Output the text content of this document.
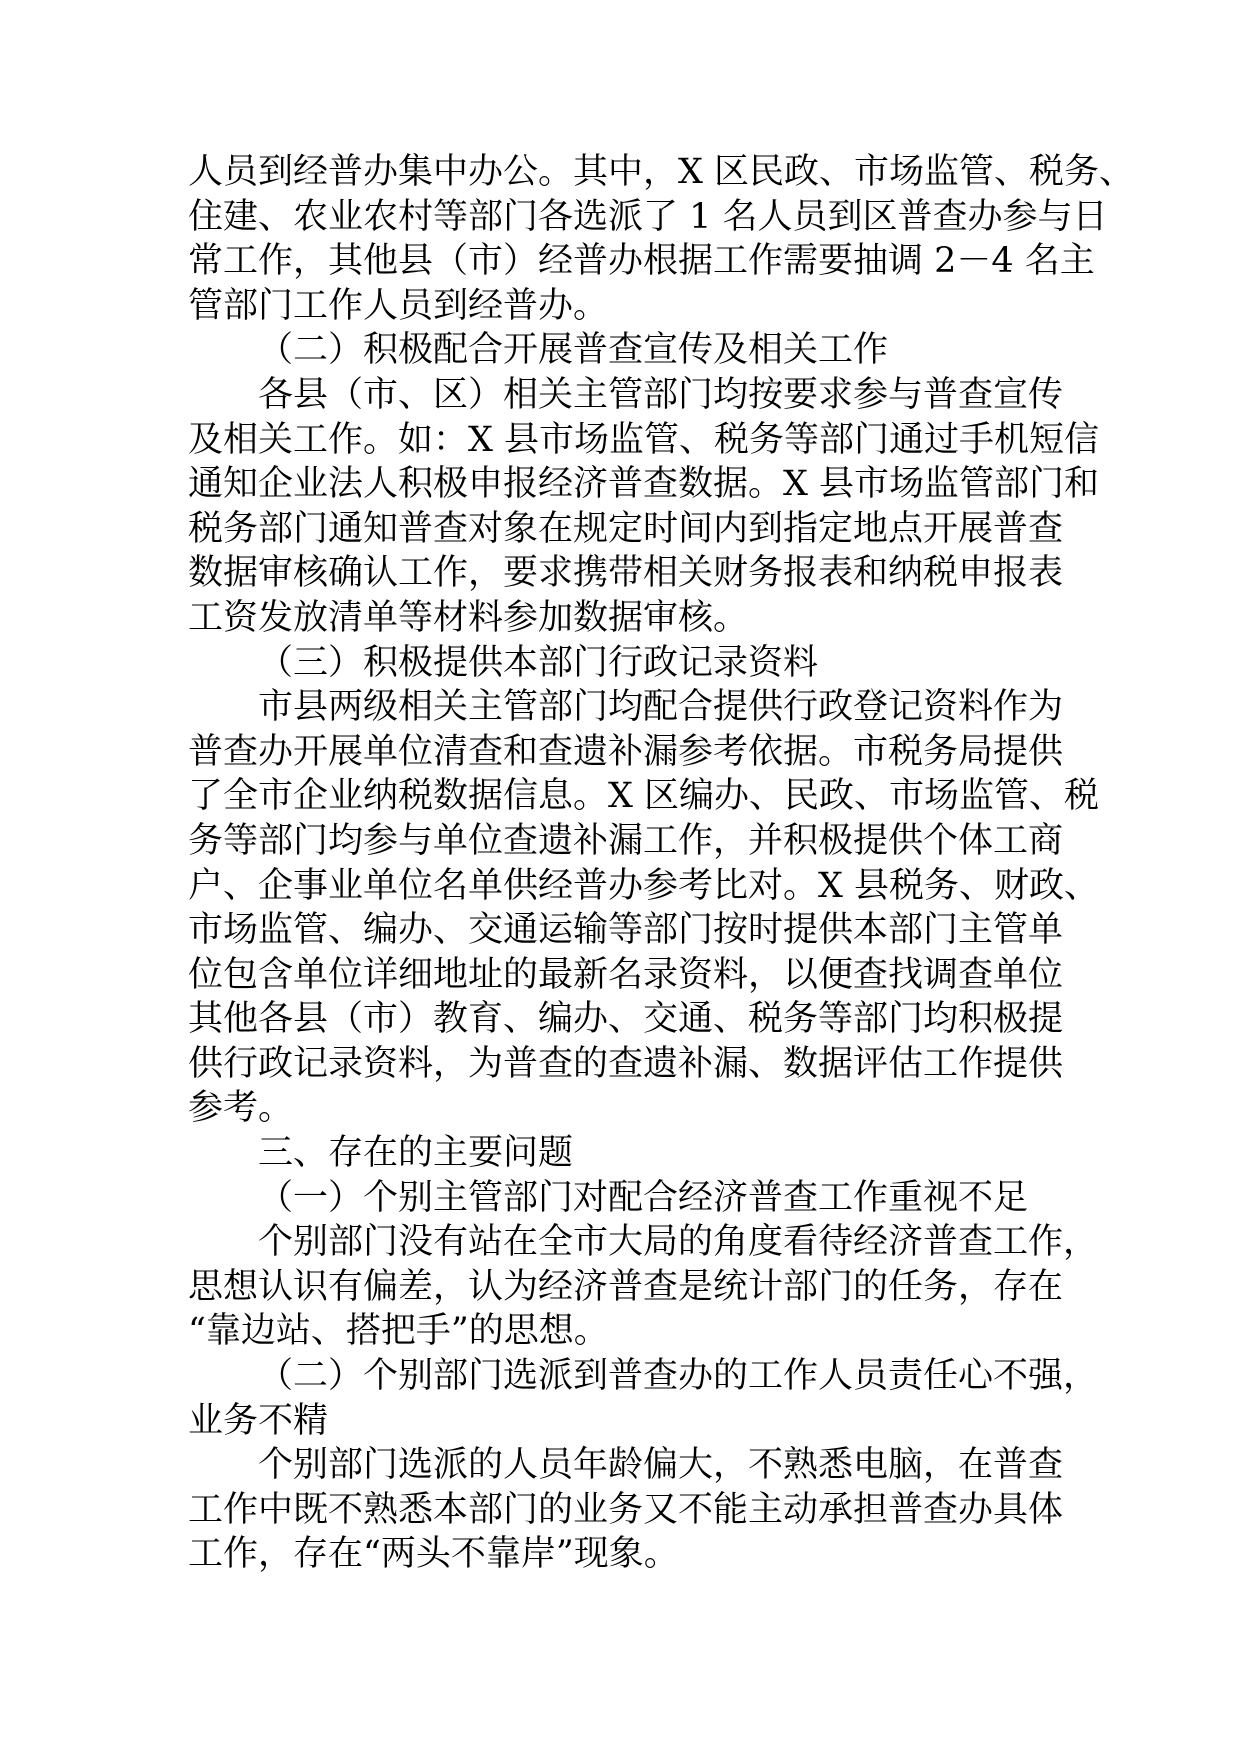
人员到经普办集中办公。其中，X 区民政、市场监管、税务、
住建、农业农村等部门各选派了 1 名人员到区普查办参与日
常工作，其他县（市）经普办根据工作需要抽调 2－4 名主
管部门工作人员到经普办。
（二）积极配合开展普查宣传及相关工作
各县（市、区）相关主管部门均按要求参与普查宣传
及相关工作。如：X 县市场监管、税务等部门通过手机短信
通知企业法人积极申报经济普查数据。X 县市场监管部门和
税务部门通知普查对象在规定时间内到指定地点开展普查
数据审核确认工作，要求携带相关财务报表和纳税申报表
工资发放清单等材料参加数据审核。
（三）积极提供本部门行政记录资料
市县两级相关主管部门均配合提供行政登记资料作为
普查办开展单位清查和查遗补漏参考依据。市税务局提供
了全市企业纳税数据信息。X 区编办、民政、市场监管、税
务等部门均参与单位查遗补漏工作，并积极提供个体工商
户、企事业单位名单供经普办参考比对。X 县税务、财政、
市场监管、编办、交通运输等部门按时提供本部门主管单
位包含单位详细地址的最新名录资料，以便查找调查单位
其他各县（市）教育、编办、交通、税务等部门均积极提
供行政记录资料，为普查的查遗补漏、数据评估工作提供
参考。
三、存在的主要问题
（一）个别主管部门对配合经济普查工作重视不足
个别部门没有站在全市大局的角度看待经济普查工作，
思想认识有偏差，认为经济普查是统计部门的任务，存在
“靠边站、搭把手”的思想。
（二）个别部门选派到普查办的工作人员责任心不强，
业务不精
个别部门选派的人员年龄偏大，不熟悉电脑，在普查
工作中既不熟悉本部门的业务又不能主动承担普查办具体
工作，存在“两头不靠岸”现象。
